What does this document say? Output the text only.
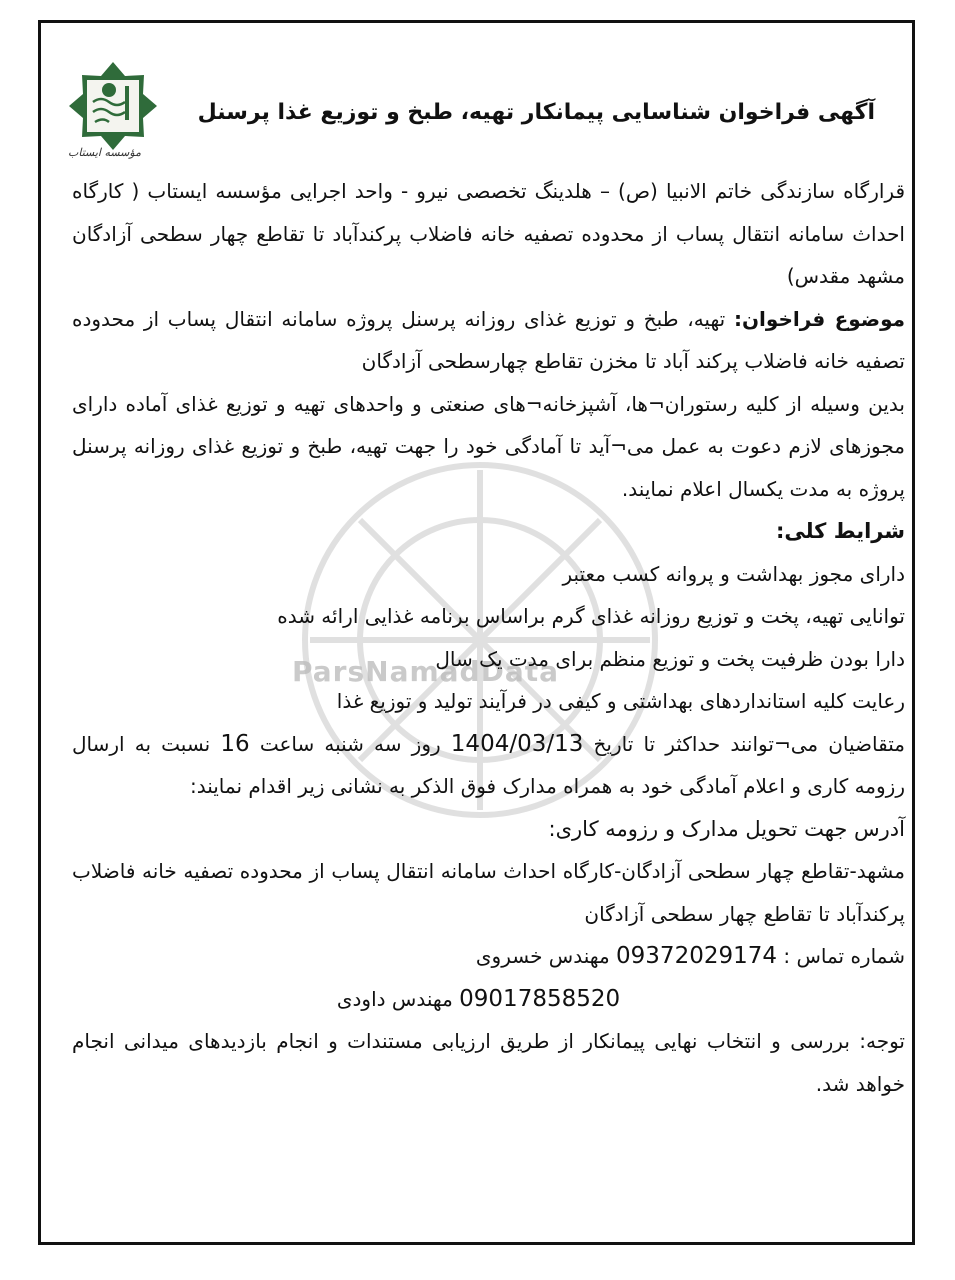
مؤسسه ایستاب
ParsNamadData
آگهی فراخوان شناسایی پیمانکار تهیه، طبخ و توزیع غذا پرسنل

قرارگاه سازندگی خاتم الانبیا (ص) – هلدینگ تخصصی نیرو - واحد اجرایی مؤسسه ایستاب ( کارگاه احداث سامانه انتقال پساب از محدوده تصفیه خانه فاضلاب پرکندآباد تا تقاطع چهار سطحی آزادگان مشهد مقدس)

موضوع فراخوان: تهیه، طبخ و توزیع غذای روزانه پرسنل پروژه سامانه انتقال پساب از محدوده تصفیه خانه فاضلاب پرکند آباد تا مخزن تقاطع چهارسطحی آزادگان

بدین وسیله از کلیه رستوران¬ها، آشپزخانه¬های صنعتی و واحدهای تهیه و توزیع غذای آماده دارای مجوزهای لازم دعوت به عمل می¬آید تا آمادگی خود را جهت تهیه، طبخ و توزیع غذای روزانه پرسنل پروژه به مدت یکسال اعلام نمایند.

شرایط کلی:

دارای مجوز بهداشت و پروانه کسب معتبر

توانایی تهیه، پخت و توزیع روزانه غذای گرم براساس برنامه غذایی ارائه شده

دارا بودن ظرفیت پخت و توزیع منظم برای مدت یک سال

رعایت کلیه استانداردهای بهداشتی و کیفی در فرآیند تولید و توزیع غذا

متقاضیان می¬توانند حداکثر تا تاریخ 1404/03/13 روز سه شنبه ساعت 16 نسبت به ارسال رزومه کاری و اعلام آمادگی خود به همراه مدارک فوق الذکر به نشانی زیر اقدام نمایند:

آدرس جهت تحویل مدارک و رزومه کاری:

مشهد-تقاطع چهار سطحی آزادگان-کارگاه احداث سامانه انتقال پساب از محدوده تصفیه خانه فاضلاب پرکندآباد تا تقاطع چهار سطحی آزادگان

شماره تماس : 09372029174 مهندس خسروی

09017858520 مهندس داودی

توجه: بررسی و انتخاب نهایی پیمانکار از طریق ارزیابی مستندات و انجام بازدیدهای میدانی انجام خواهد شد.
